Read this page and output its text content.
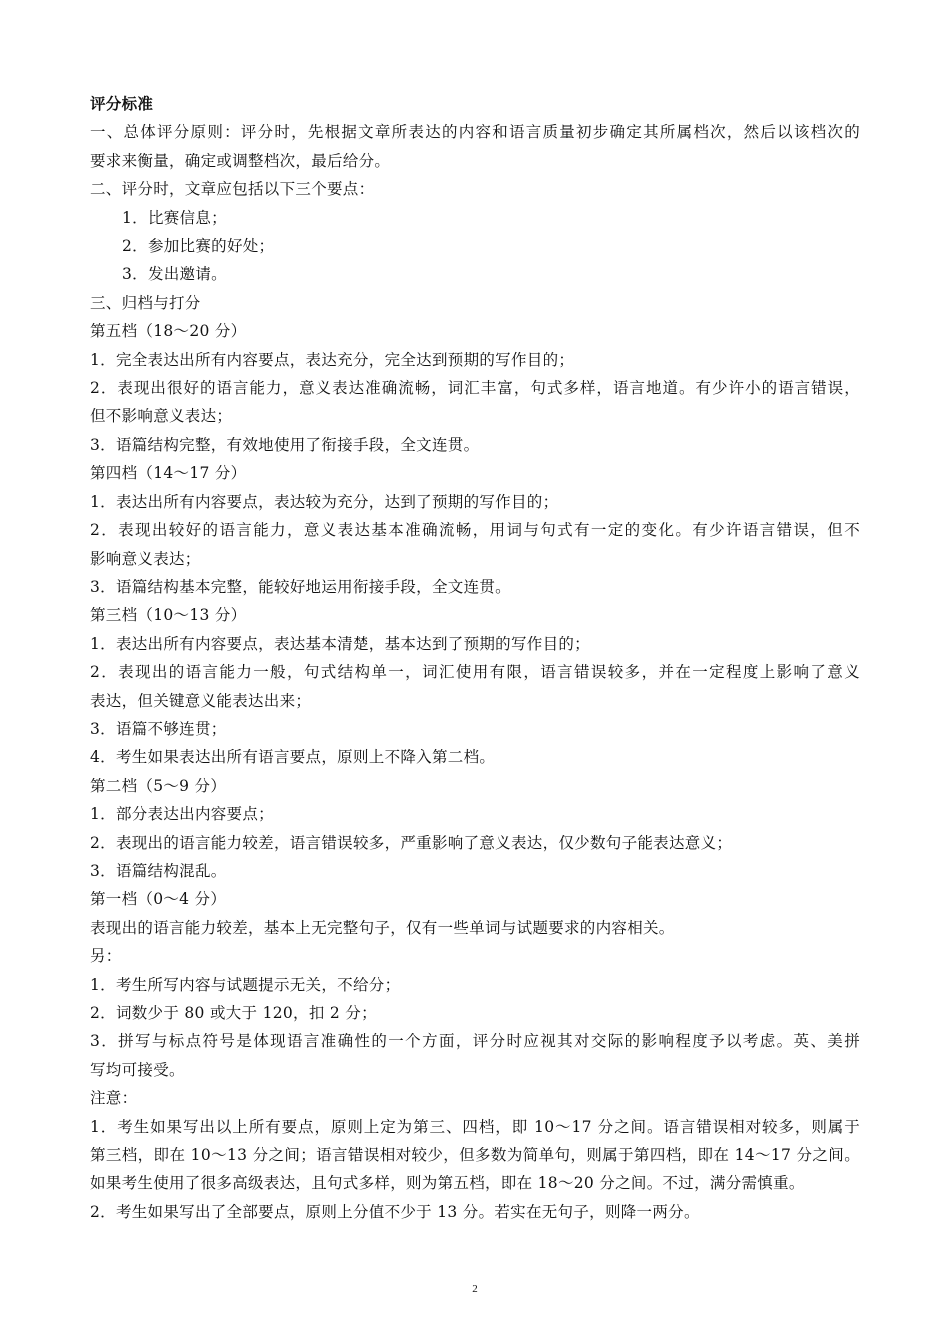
评分标准
一、总体评分原则：评分时，先根据文章所表达的内容和语言质量初步确定其所属档次，然后以该档次的
要求来衡量，确定或调整档次，最后给分。
二、评分时，文章应包括以下三个要点：
1．比赛信息；
2．参加比赛的好处；
3．发出邀请。
三、归档与打分
第五档（18～20 分）
1．完全表达出所有内容要点，表达充分，完全达到预期的写作目的；
2．表现出很好的语言能力，意义表达准确流畅，词汇丰富，句式多样，语言地道。有少许小的语言错误，
但不影响意义表达；
3．语篇结构完整，有效地使用了衔接手段，全文连贯。
第四档（14～17 分）
1．表达出所有内容要点，表达较为充分，达到了预期的写作目的；
2．表现出较好的语言能力，意义表达基本准确流畅，用词与句式有一定的变化。有少许语言错误，但不
影响意义表达；
3．语篇结构基本完整，能较好地运用衔接手段，全文连贯。
第三档（10～13 分）
1．表达出所有内容要点，表达基本清楚，基本达到了预期的写作目的；
2．表现出的语言能力一般，句式结构单一，词汇使用有限，语言错误较多，并在一定程度上影响了意义
表达，但关键意义能表达出来；
3．语篇不够连贯；
4．考生如果表达出所有语言要点，原则上不降入第二档。
第二档（5～9 分）
1．部分表达出内容要点；
2．表现出的语言能力较差，语言错误较多，严重影响了意义表达，仅少数句子能表达意义；
3．语篇结构混乱。
第一档（0～4 分）
表现出的语言能力较差，基本上无完整句子，仅有一些单词与试题要求的内容相关。
另：
1．考生所写内容与试题提示无关，不给分；
2．词数少于 80 或大于 120，扣 2 分；
3．拼写与标点符号是体现语言准确性的一个方面，评分时应视其对交际的影响程度予以考虑。英、美拼
写均可接受。
注意：
1．考生如果写出以上所有要点，原则上定为第三、四档，即 10～17 分之间。语言错误相对较多，则属于
第三档，即在 10～13 分之间；语言错误相对较少，但多数为简单句，则属于第四档，即在 14～17 分之间。
如果考生使用了很多高级表达，且句式多样，则为第五档，即在 18～20 分之间。不过，满分需慎重。
2．考生如果写出了全部要点，原则上分值不少于 13 分。若实在无句子，则降一两分。
2
